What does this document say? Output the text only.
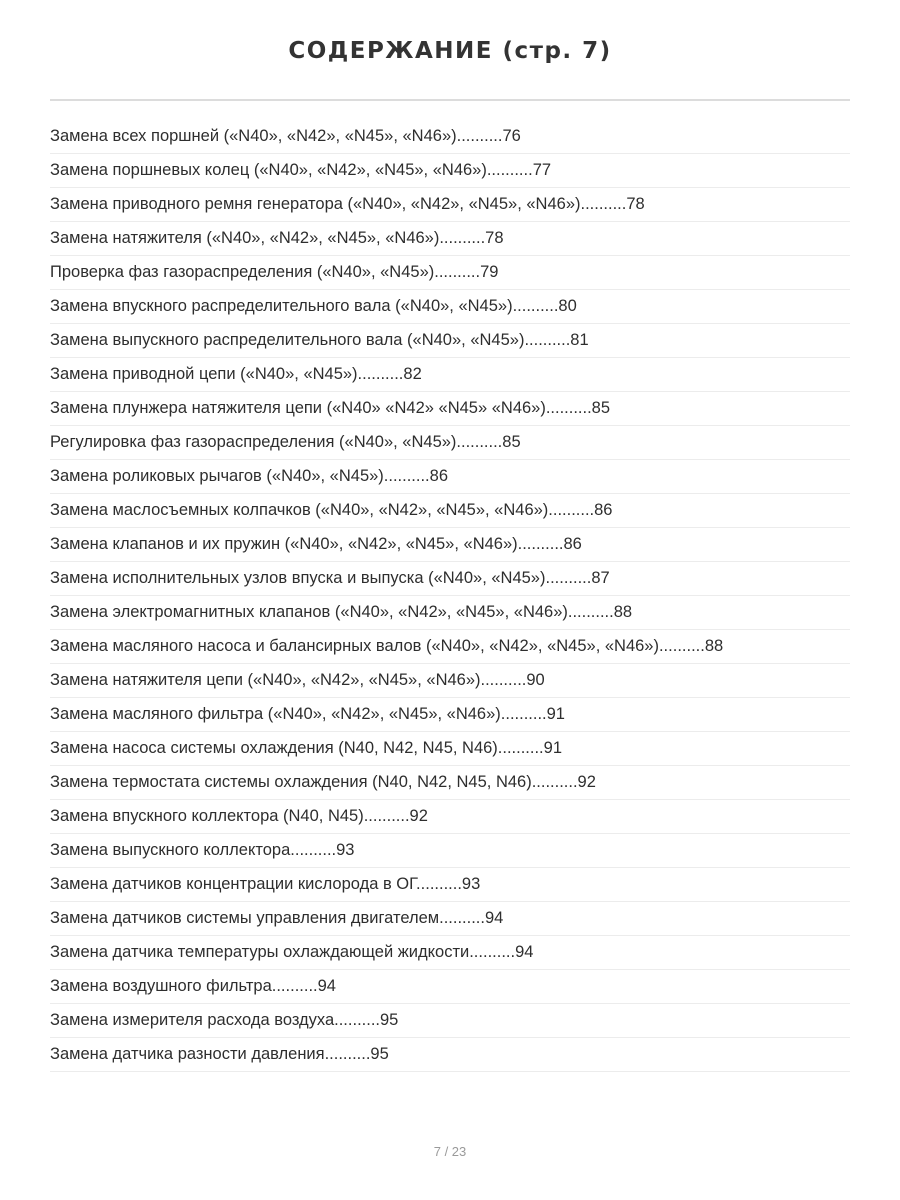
СОДЕРЖАНИЕ (стр. 7)
Замена всех поршней («N40», «N42», «N45», «N46»)..........76
Замена поршневых колец («N40», «N42», «N45», «N46»)..........77
Замена приводного ремня генератора («N40», «N42», «N45», «N46»)..........78
Замена натяжителя («N40», «N42», «N45», «N46»)..........78
Проверка фаз газораспределения («N40», «N45»)..........79
Замена впускного распределительного вала («N40», «N45»)..........80
Замена выпускного распределительного вала («N40», «N45»)..........81
Замена приводной цепи («N40», «N45»)..........82
Замена плунжера натяжителя цепи («N40» «N42» «N45» «N46»)..........85
Регулировка фаз газораспределения («N40», «N45»)..........85
Замена роликовых рычагов («N40», «N45»)..........86
Замена маслосъемных колпачков («N40», «N42», «N45», «N46»)..........86
Замена клапанов и их пружин («N40», «N42», «N45», «N46»)..........86
Замена исполнительных узлов впуска и выпуска («N40», «N45»)..........87
Замена электромагнитных клапанов («N40», «N42», «N45», «N46»)..........88
Замена масляного насоса и балансирных валов («N40», «N42», «N45», «N46»)..........88
Замена натяжителя цепи («N40», «N42», «N45», «N46»)..........90
Замена масляного фильтра («N40», «N42», «N45», «N46»)..........91
Замена насоса системы охлаждения (N40, N42, N45, N46)..........91
Замена термостата системы охлаждения (N40, N42, N45, N46)..........92
Замена впускного коллектора (N40, N45)..........92
Замена выпускного коллектора..........93
Замена датчиков концентрации кислорода в ОГ..........93
Замена датчиков системы управления двигателем..........94
Замена датчика температуры охлаждающей жидкости..........94
Замена воздушного фильтра..........94
Замена измерителя расхода воздуха..........95
Замена датчика разности давления..........95
7 / 23
